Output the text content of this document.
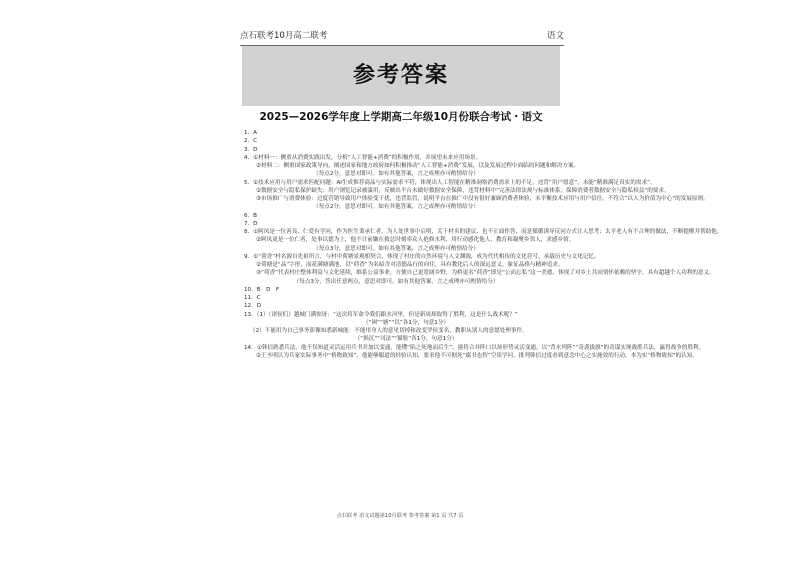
点石联考10月高二联考	语文
参考答案
2025—2026学年度上学期高二年级10月份联合考试・语文
1．A
2．C
3．D
4．①材料一：侧重从消费实践出发，分析“人工智能+消费”的积极作用，并展望未来应用场景。
②材料二：侧重国家政策导向，阐述国家和地方政府如何积极推动“人工智能+消费”发展，以及发展过程中面临的问题和解决方案。
（每点2分，意思对即可。如有其他答案，言之成理亦可酌情给分）
5．①技术应用与用户需求匹配问题：AI生成推荐商品与实际需求不符，体现出人工智能在精准洞察消费需求上的不足，违背“用户愿意”，未能“精准满足真实的需求”。
②数据安全与隐私保护缺失：用户浏览记录被滥用，反映出平台未做好数据安全保障，违背材料中“完善法律法规与标准体系，保障消费者数据安全与隐私权益”的要求。
③市场推广与消费体验：过度营销导致用户体验受干扰，违背监管，说明平台在推广中没有很好兼顾消费者体验，未平衡技术应用与用户信任，不符合“以人为价值为中心”的发展原则。
（每点2分，意思对即可。如有其他答案，言之成理亦可酌情给分）
6．B
7．D
8．①阿凤是一位善良、仁爱有学问，作为医生秉承仁者，为人处世事中启明，关于村名的建议，也不正面作答，而是循循诱导反问方式让人思考；太平老人有不合理的做法，不断提醒并帮助他。
②阿凤更是一位仁者，处事以德为上，他不计前嫌在救总时刻率众人抢修水利，用行动感化他人，教育和凝聚乡邻人，求感乡情。
（每点3分，意思对即可。如有其他答案，言之成理亦可酌情给分）
9．①“荷香”村名源自先祖所言，与村中荷塘景观相契合，体现了村庄的自然环境与人文渊源，成为代代相传的文化符号，承载历史与文化记忆。
②荷塘是“品”字形，而花满塘满池，以“荷香”为名暗含对清德品行的向往，具有教化后人的深远意义，象征品格与精神追求。
③“荷香”代表村庄整体利益与文化延续，维系公益事业，方便自己更宽阔乡野，为桥更名“荷香”即是“公而忘私”这一美德，体现了对乡土共同情怀依赖的坚守，具有超越个人功利的意义。
（每点3分，答出任意两点，意思对即可。如有其他答案，言之成理亦可酌情给分）
10．B　D　F
11．C
12．D
13．（1）（诸侯们）越城门满惊讶：“这次将军命令我们跟水河里，但是新周却取得了胜利，这是什么战术呢？”
（“圉”“塘”“以”各1分，句意1分）
（2）不能用为自己事务影像知悉新城能：不能用身人的意见切掉和改变罗侯变名，教职从别人的意愿处理事件。
（“损沉”“司法”“猫脸”各1分，句意1分）
14．①韩信熟悉兵法，他不仅知道灵活运用兵书并加以变通，能懂“陷之死地而后生”，能将合并阵口以场形势灵活变通，以“背水列阵”“奇袭拔旗”的奇谋实现战胜兵法，赢得战争的胜利。
②王丞明认为兵家实际事务中“格物致知”，他能够服道的经验认知，要求他不可据死“腐书也智”空谈学问，批判韩信过度看到意念中心之实施效的行动，本为实“格物致知”的认知。
点石联考 语文试题第10月联考 参考答案 第1 页 共7 页
